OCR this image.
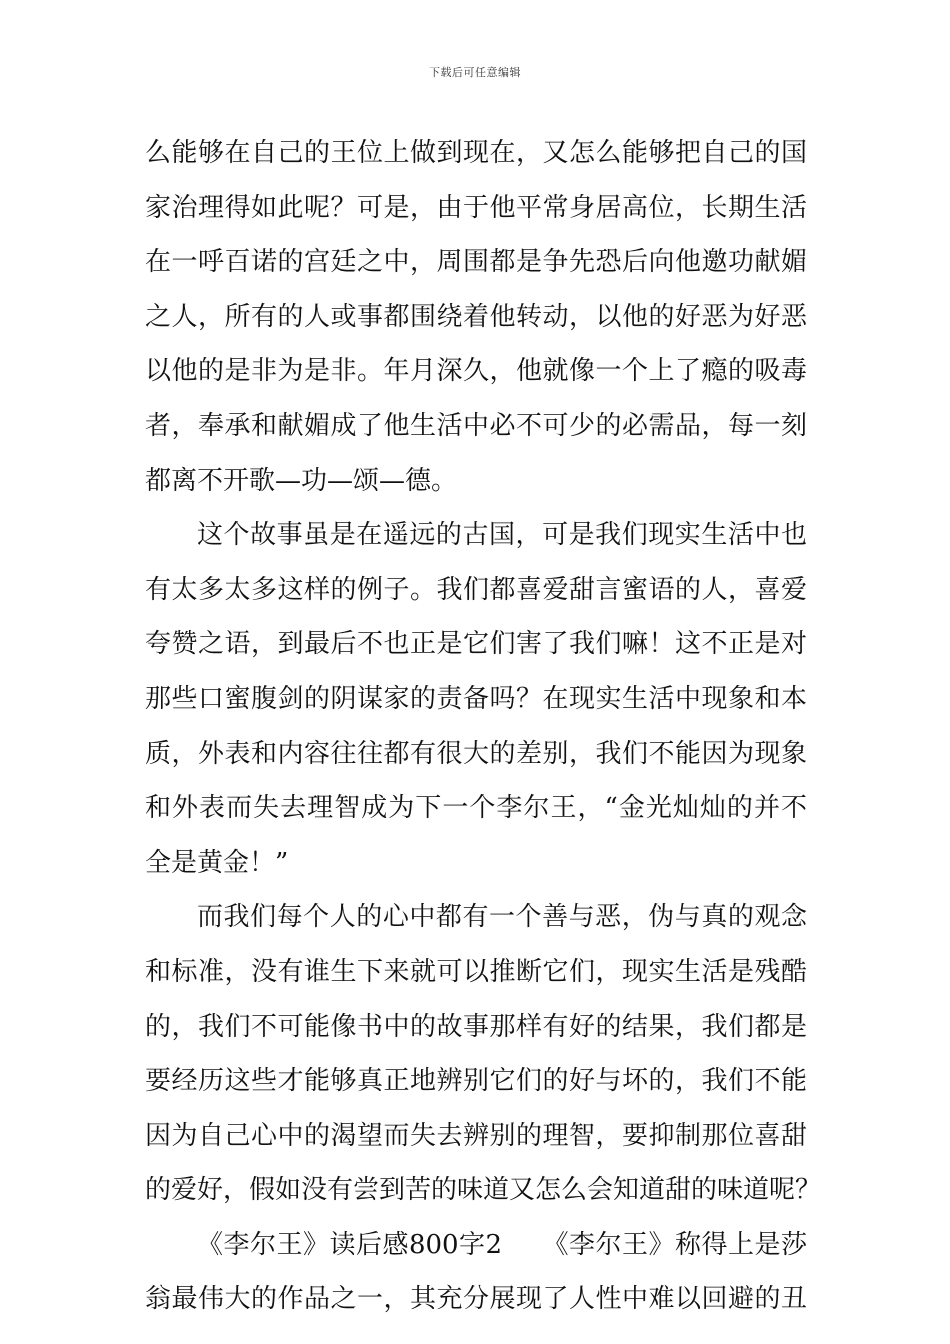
下载后可任意编辑
么能够在自己的王位上做到现在，又怎么能够把自己的国
家治理得如此呢？可是，由于他平常身居高位，长期生活
在一呼百诺的宫廷之中，周围都是争先恐后向他邀功献媚
之人，所有的人或事都围绕着他转动，以他的好恶为好恶
以他的是非为是非。年月深久，他就像一个上了瘾的吸毒
者，奉承和献媚成了他生活中必不可少的必需品，每一刻
都离不开歌—功—颂—德。
这个故事虽是在遥远的古国，可是我们现实生活中也
有太多太多这样的例子。我们都喜爱甜言蜜语的人，喜爱
夸赞之语，到最后不也正是它们害了我们嘛！这不正是对
那些口蜜腹剑的阴谋家的责备吗？在现实生活中现象和本
质，外表和内容往往都有很大的差别，我们不能因为现象
和外表而失去理智成为下一个李尔王，“金光灿灿的并不
全是黄金！”
而我们每个人的心中都有一个善与恶，伪与真的观念
和标准，没有谁生下来就可以推断它们，现实生活是残酷
的，我们不可能像书中的故事那样有好的结果，我们都是
要经历这些才能够真正地辨别它们的好与坏的，我们不能
因为自己心中的渴望而失去辨别的理智，要抑制那位喜甜
的爱好，假如没有尝到苦的味道又怎么会知道甜的味道呢？
《李尔王》读后感800字2　　《李尔王》称得上是莎
翁最伟大的作品之一，其充分展现了人性中难以回避的丑
